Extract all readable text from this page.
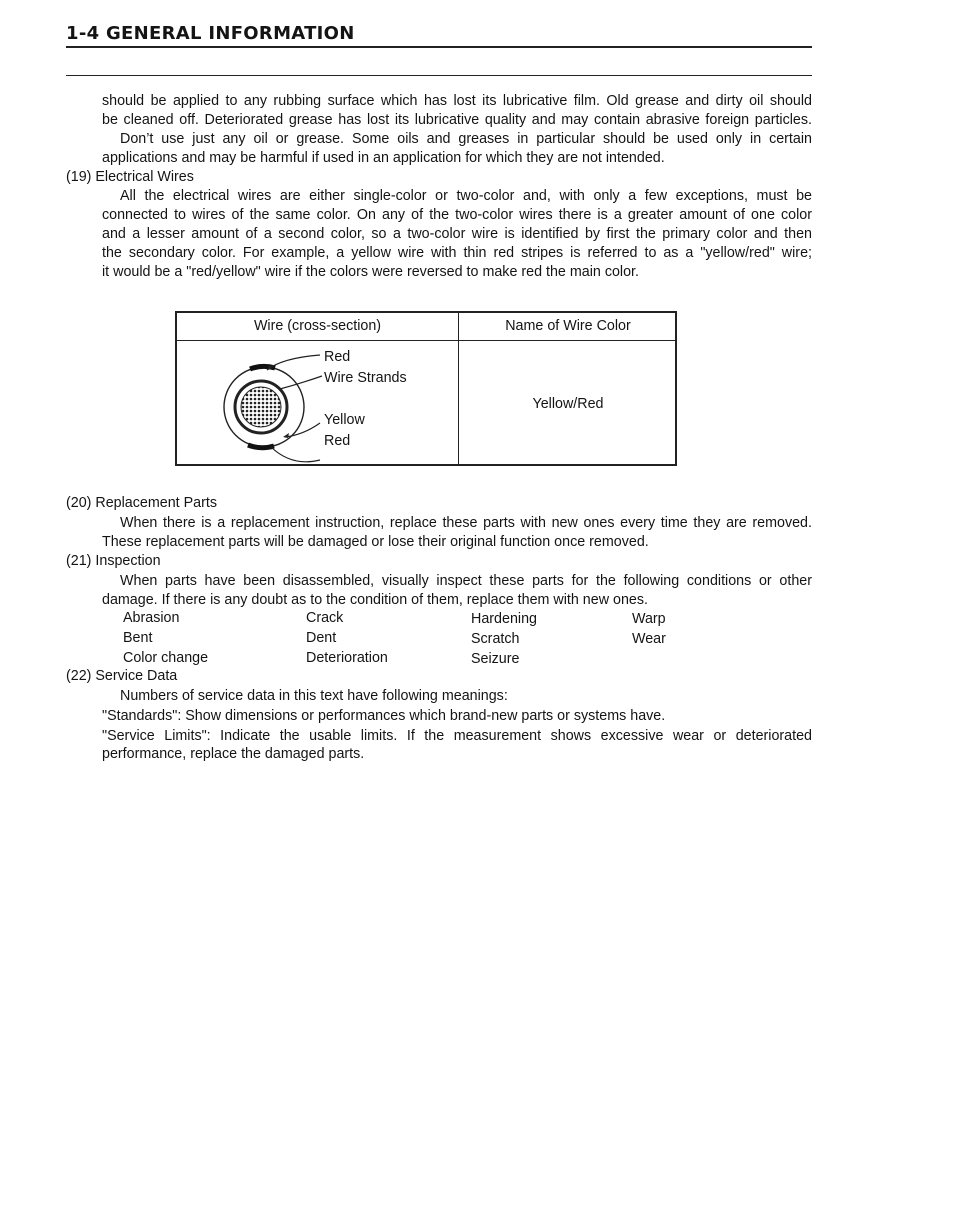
1-4 GENERAL INFORMATION
should be applied to any rubbing surface which has lost its lubricative film. Old grease and dirty oil should
be cleaned off. Deteriorated grease has lost its lubricative quality and may contain abrasive foreign particles.
Don’t use just any oil or grease. Some oils and greases in particular should be used only in certain
applications and may be harmful if used in an application for which they are not intended.
(19) Electrical Wires
All the electrical wires are either single-color or two-color and, with only a few exceptions, must be
connected to wires of the same color. On any of the two-color wires there is a greater amount of one color
and a lesser amount of a second color, so a two-color wire is identified by first the primary color and then
the secondary color. For example, a yellow wire with thin red stripes is referred to as a "yellow/red" wire;
it would be a "red/yellow" wire if the colors were reversed to make red the main color.
Wire (cross-section)	Name of Wire Color
Red
Wire Strands
Yellow
Red
Yellow/Red
(20) Replacement Parts
When there is a replacement instruction, replace these parts with new ones every time they are removed.
These replacement parts will be damaged or lose their original function once removed.
(21) Inspection
When parts have been disassembled, visually inspect these parts for the following conditions or other
damage. If there is any doubt as to the condition of them, replace them with new ones.
Abrasion	Crack	Hardening	Warp
Bent	Dent	Scratch	Wear
Color change	Deterioration	Seizure
(22) Service Data
Numbers of service data in this text have following meanings:
"Standards": Show dimensions or performances which brand-new parts or systems have.
"Service Limits": Indicate the usable limits. If the measurement shows excessive wear or deteriorated
performance, replace the damaged parts.
